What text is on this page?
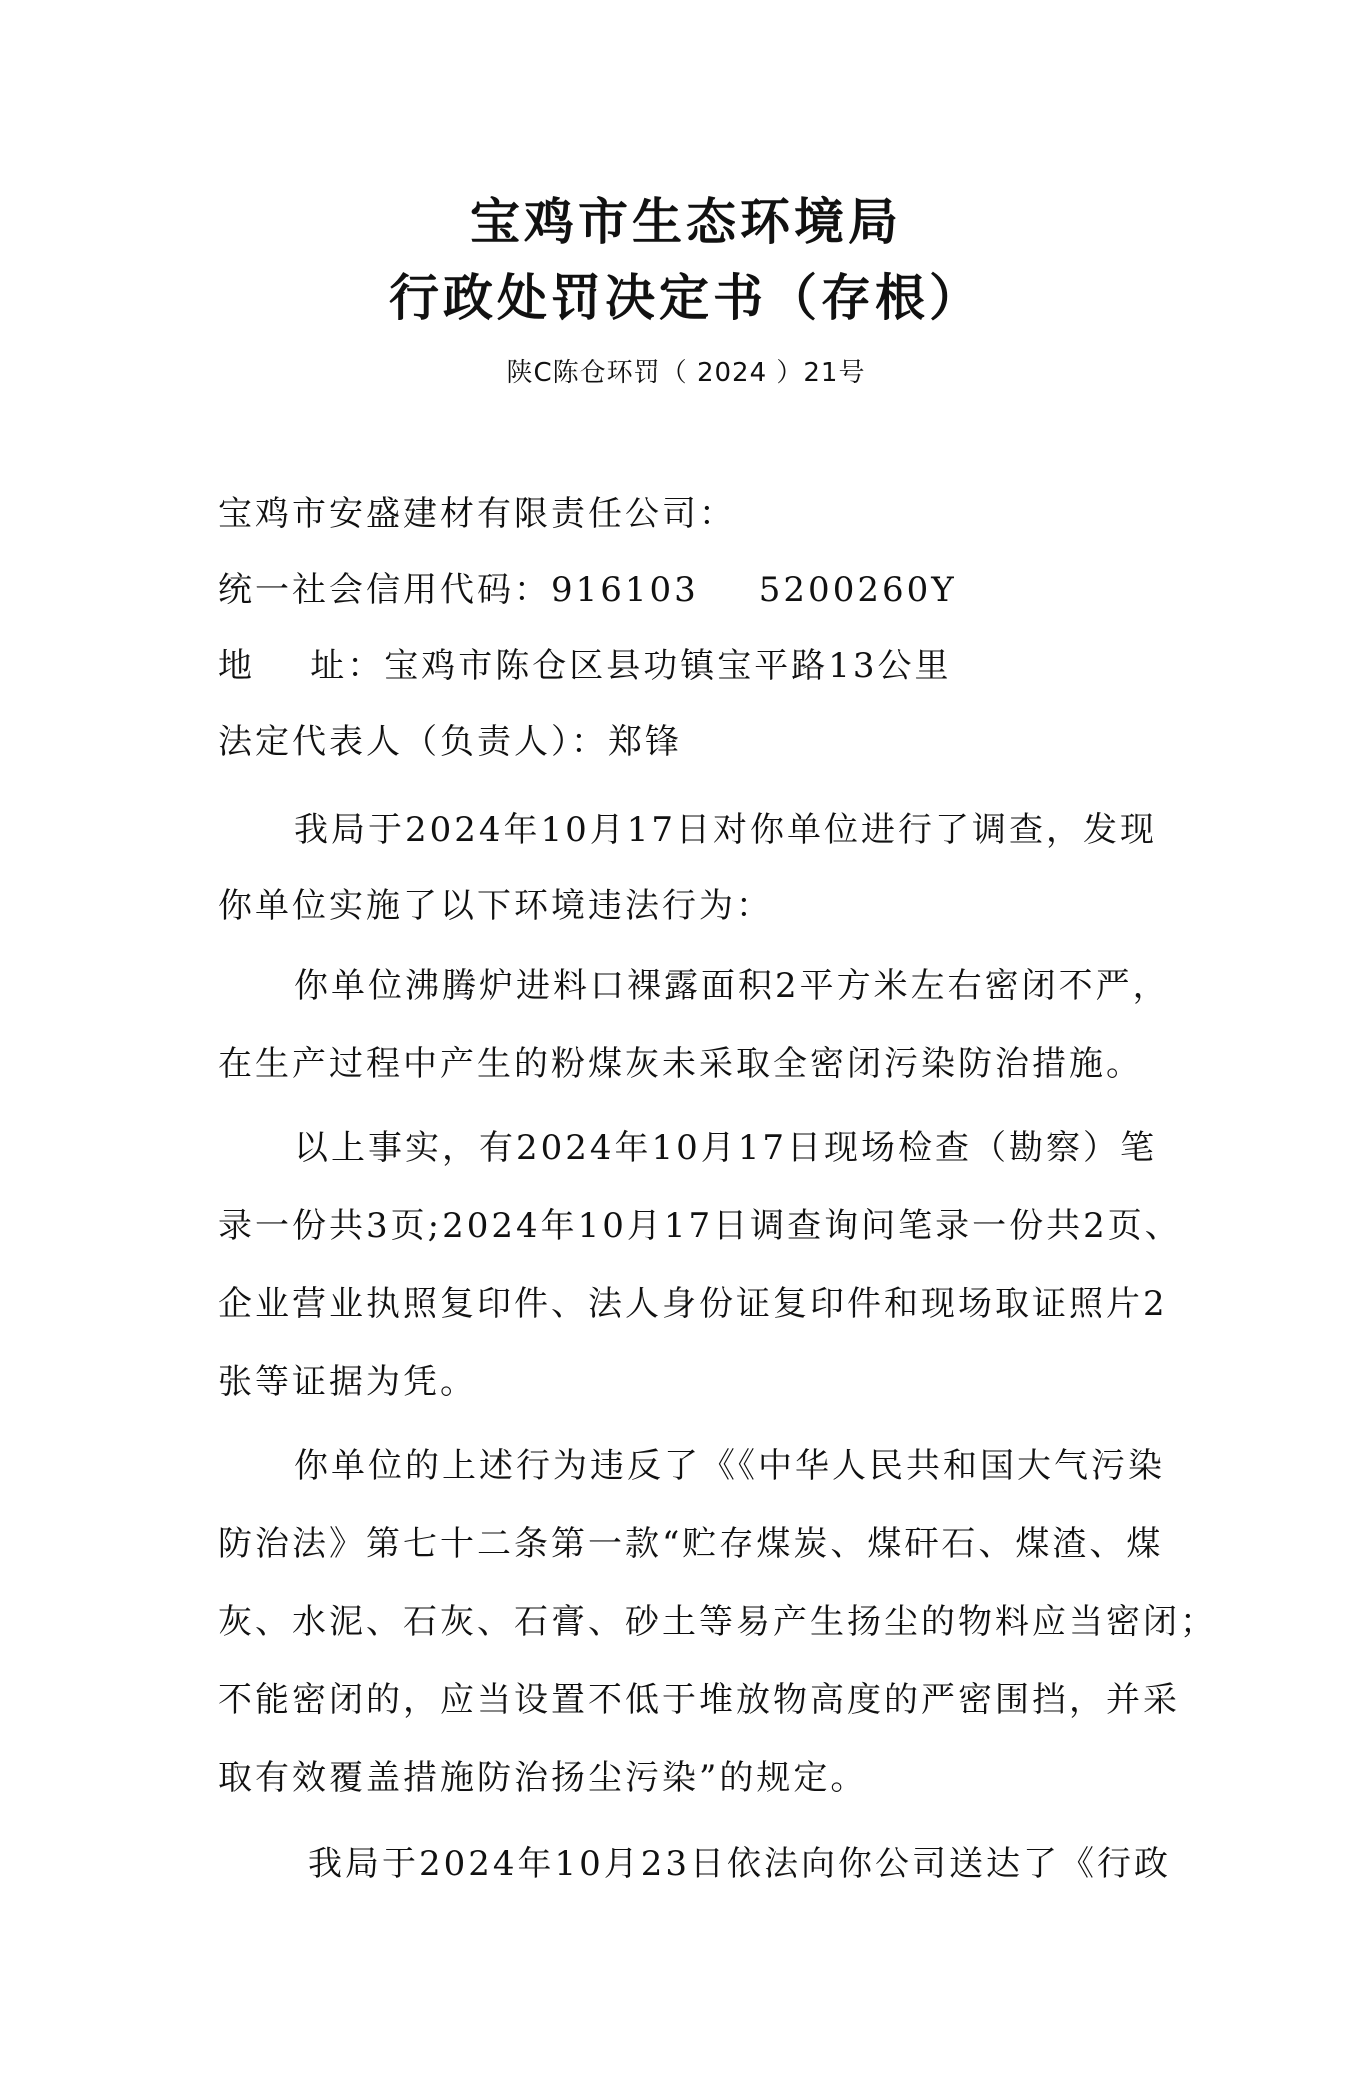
宝鸡市生态环境局
行政处罚决定书（存根）
陕C陈仓环罚（ 2024 ）21号
宝鸡市安盛建材有限责任公司：
统一社会信用代码：916103 5200260Y
地    址：宝鸡市陈仓区县功镇宝平路13公里
法定代表人（负责人）：郑锋
我局于2024年10月17日对你单位进行了调查，发现
你单位实施了以下环境违法行为：
你单位沸腾炉进料口裸露面积2平方米左右密闭不严，
在生产过程中产生的粉煤灰未采取全密闭污染防治措施。
以上事实，有2024年10月17日现场检查（勘察）笔
录一份共3页;2024年10月17日调查询问笔录一份共2页、
企业营业执照复印件、法人身份证复印件和现场取证照片2
张等证据为凭。
你单位的上述行为违反了《《中华人民共和国大气污染
防治法》第七十二条第一款“贮存煤炭、煤矸石、煤渣、煤
灰、水泥、石灰、石膏、砂土等易产生扬尘的物料应当密闭；
不能密闭的，应当设置不低于堆放物高度的严密围挡，并采
取有效覆盖措施防治扬尘污染”的规定。
我局于2024年10月23日依法向你公司送达了《行政
